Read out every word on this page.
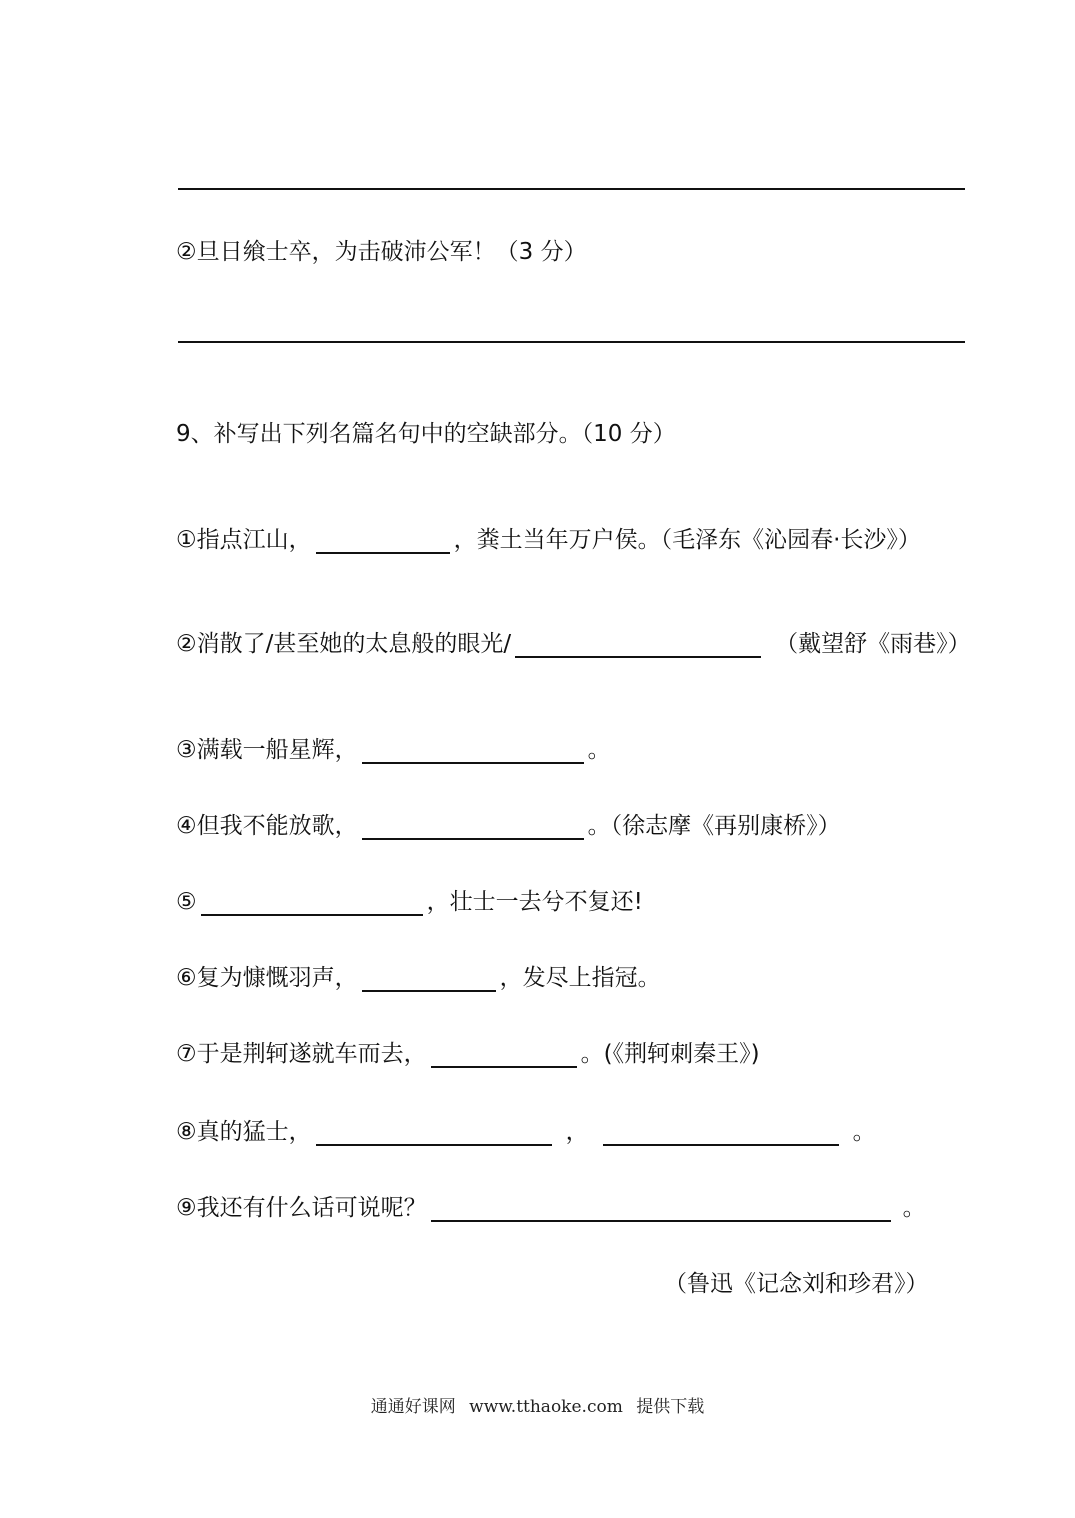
②旦日飨士卒，为击破沛公军！（3 分）
9、补写出下列名篇名句中的空缺部分。（10 分）
①指点江山，	，粪土当年万户侯。（毛泽东《沁园春·长沙》）
②消散了/甚至她的太息般的眼光/	（戴望舒《雨巷》）
③满载一船星辉，	。
④但我不能放歌，	。（徐志摩《再别康桥》）
⑤	，壮士一去兮不复还!
⑥复为慷慨羽声，	，发尽上指冠。
⑦于是荆轲遂就车而去，	。(《荆轲刺秦王》)
⑧真的猛士，	，	。
⑨我还有什么话可说呢？	。
（鲁迅《记念刘和珍君》）
通通好课网 www.tthaoke.com 提供下载
